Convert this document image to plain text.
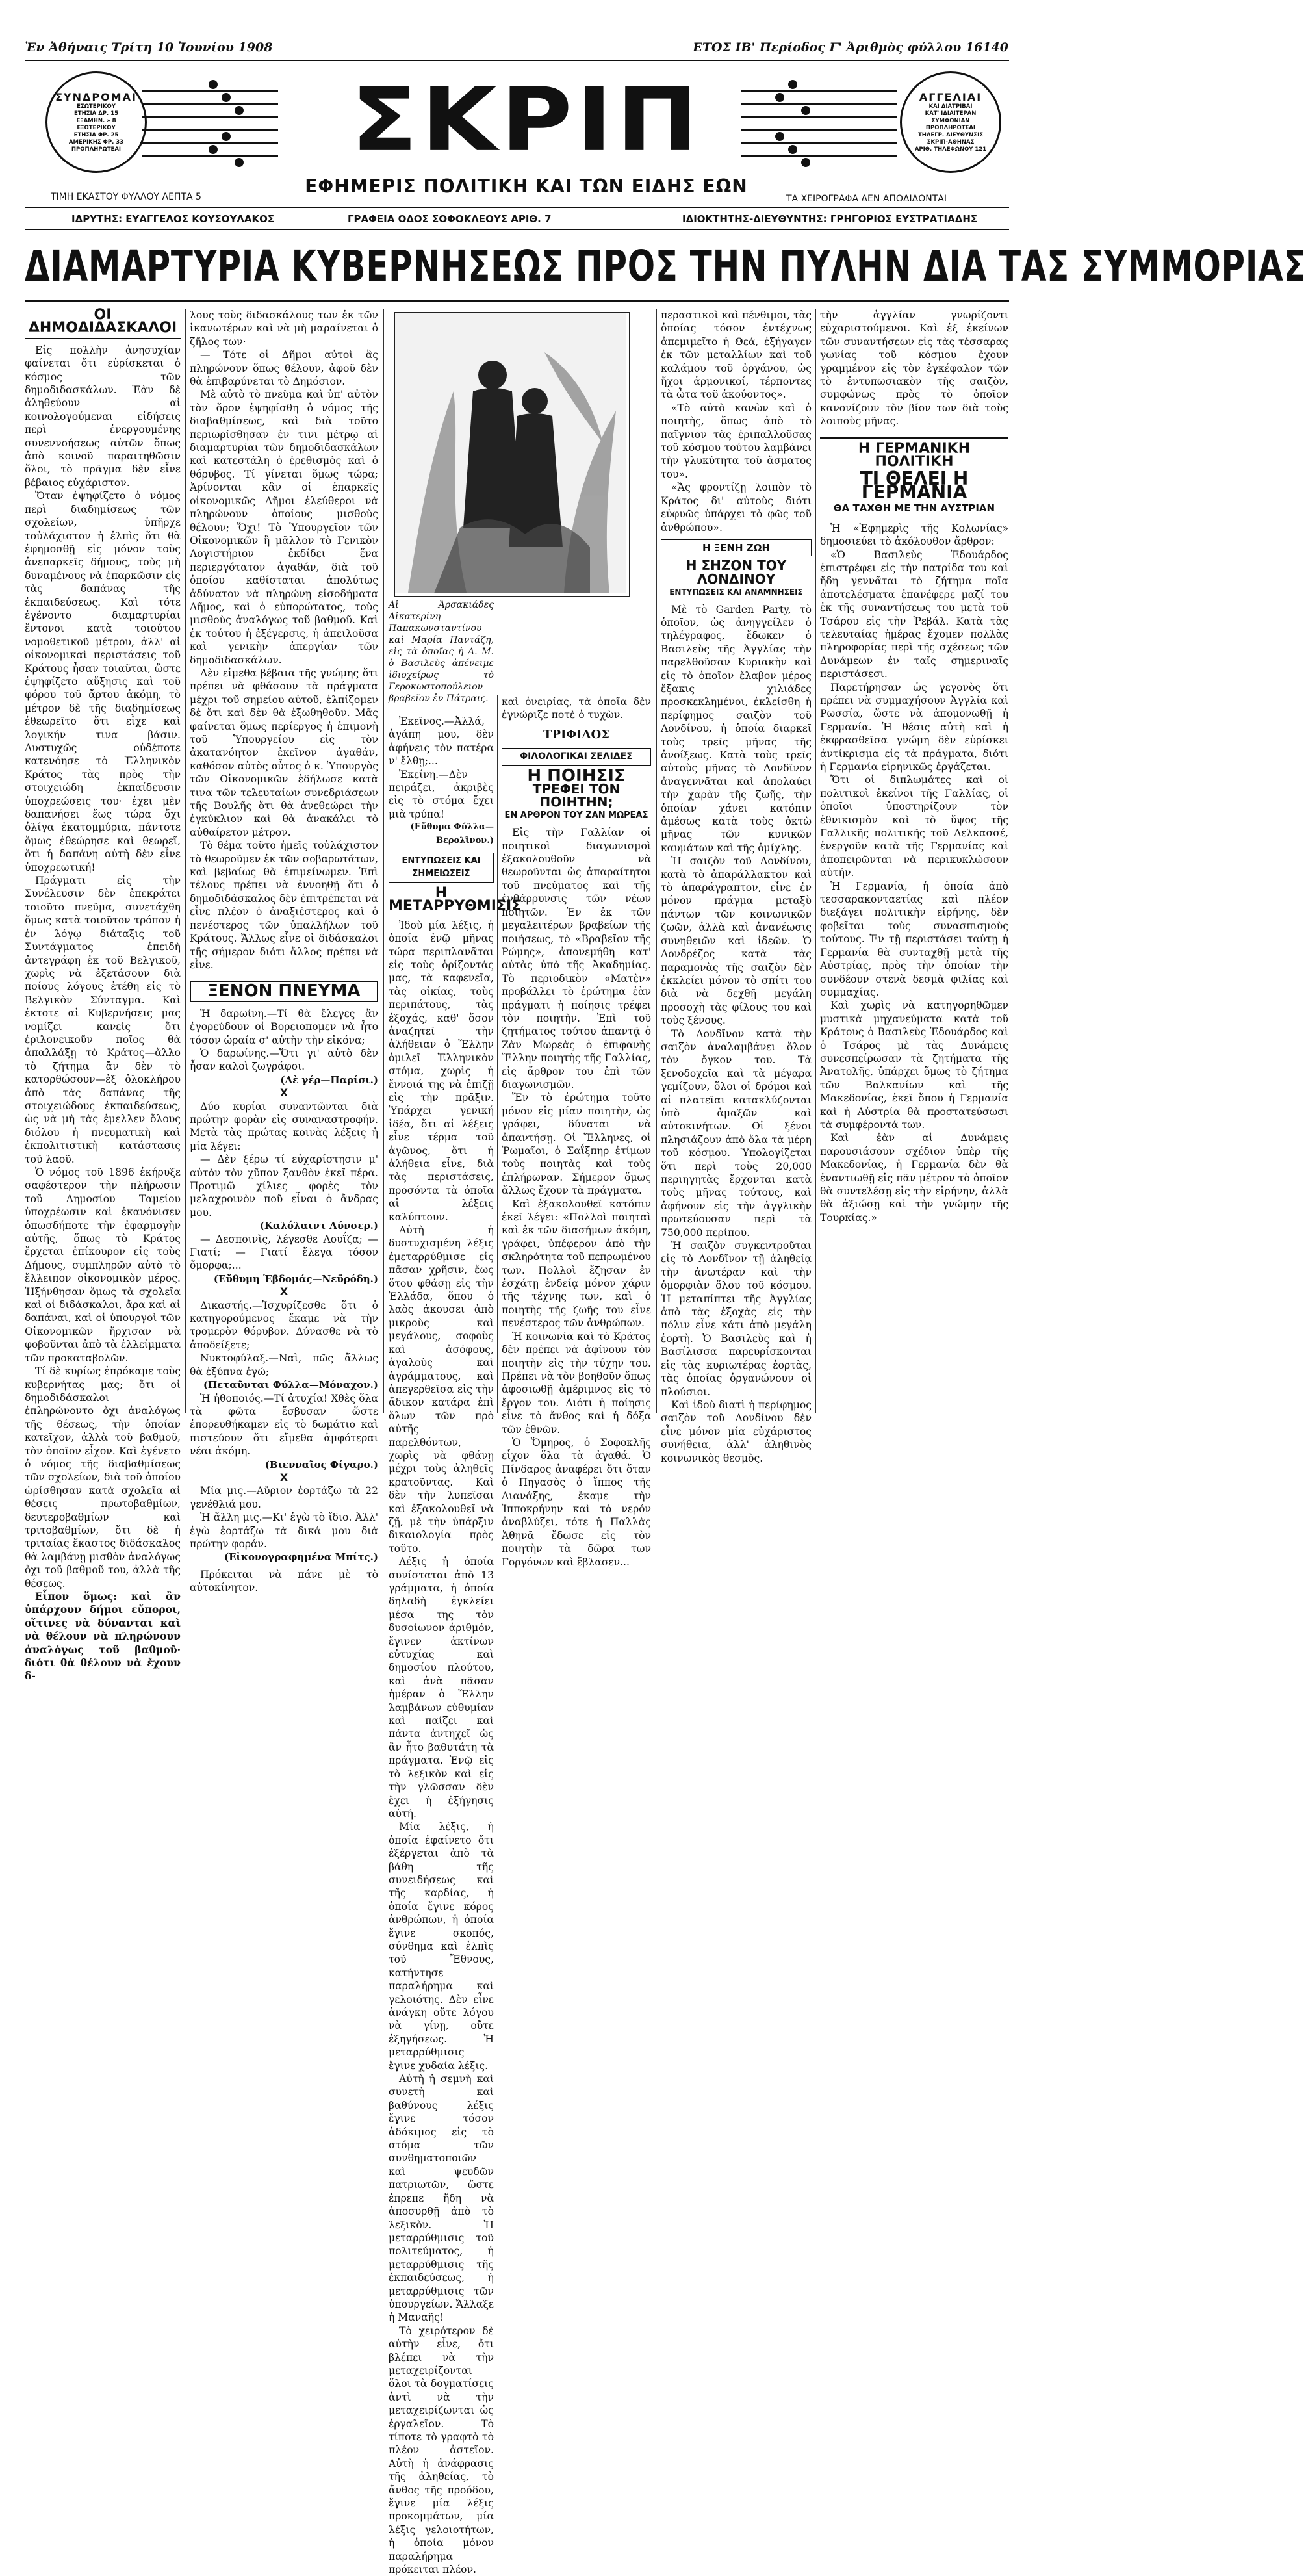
Ἐν Ἀθήναις Τρίτη 10 Ἰουνίου 1908	ΕΤΟΣ ΙΒ' Περίοδος Γ' Ἀριθμὸς φύλλου 16140
ΣΥΝΔΡΟΜΑΙ
ΕΣΩΤΕΡΙΚΟΥ
ΕΤΗΣΙΑ ΔΡ. 15
ΕΞΑΜΗΝ. » 8
ΕΞΩΤΕΡΙΚΟΥ
ΕΤΗΣΙΑ ΦΡ. 25
ΑΜΕΡΙΚΗΣ ΦΡ. 33
ΠΡΟΠΛΗΡΩΤΕΑΙ
ΤΙΜΗ ΕΚΑΣΤΟΥ ΦΥΛΛΟΥ ΛΕΠΤΑ 5
ΑΓΓΕΛΙΑΙ
ΚΑΙ ΔΙΑΤΡΙΒΑΙ
ΚΑΤ' ΙΔΙΑΙΤΕΡΑΝ
ΣΥΜΦΩΝΙΑΝ
ΠΡΟΠΛΗΡΩΤΕΑΙ
ΤΗΛΕΓΡ. ΔΙΕΥΘΥΝΣΙΣ
ΣΚΡΙΠ-ΑΘΗΝΑΣ
ΑΡΙΘ. ΤΗΛΕΦΩΝΟΥ 121
ΤΑ ΧΕΙΡΟΓΡΑΦΑ ΔΕΝ ΑΠΟΔΙΔΟΝΤΑΙ
ΣΚΡΙΠ
ΕΦΗΜΕΡΙΣ ΠΟΛΙΤΙΚΗ ΚΑΙ ΤΩΝ ΕΙΔΗΣ ΕΩΝ
ΙΔΡΥΤΗΣ: ΕΥΑΓΓΕΛΟΣ ΚΟΥΣΟΥΛΑΚΟΣ	ΓΡΑΦΕΙΑ ΟΔΟΣ ΣΟΦΟΚΛΕΟΥΣ ΑΡΙΘ. 7	ΙΔΙΟΚΤΗΤΗΣ-ΔΙΕΥΘΥΝΤΗΣ: ΓΡΗΓΟΡΙΟΣ ΕΥΣΤΡΑΤΙΑΔΗΣ
ΔΙΑΜΑΡΤΥΡΙΑ ΚΥΒΕΡΝΗΣΕΩΣ ΠΡΟΣ ΤΗΝ ΠΥΛΗΝ ΔΙΑ ΤΑΣ ΣΥΜΜΟΡΙΑΣ
ΟΙ ΔΗΜΟΔΙΔΑΣΚΑΛΟΙ

Εἰς πολλὴν ἀνησυχίαν φαίνεται ὅτι εὑρίσκεται ὁ κόσμος τῶν δημοδιδασκάλων. Ἐὰν δὲ ἀληθεύουν αἱ κοινολογούμεναι εἰδήσεις περὶ ἐνεργουμένης συνεννοήσεως αὐτῶν ὅπως ἀπὸ κοινοῦ παραιτηθῶσιν ὅλοι, τὸ πρᾶγμα δὲν εἶνε βέβαιος εὐχάριστον.

Ὅταν ἐψηφίζετο ὁ νόμος περὶ διαδημίσεως τῶν σχολείων, ὑπῆρχε τοὐλάχιστον ἡ ἐλπὶς ὅτι θὰ ἐφημοσθῇ εἰς μόνον τοὺς ἀνεπαρκεῖς δήμους, τοὺς μὴ δυναμένους νὰ ἐπαρκῶσιν εἰς τὰς δαπάνας τῆς ἐκπαιδεύσεως. Καὶ τότε ἐγένοντο διαμαρτυρίαι ἔντονοι κατὰ τοιούτου νομοθετικοῦ μέτρου, ἀλλ' αἱ οἰκονομικαὶ περιστάσεις τοῦ Κράτους ἦσαν τοιαῦται, ὥστε ἐψηφίζετο αὔξησις καὶ τοῦ φόρου τοῦ ἄρτου ἀκόμη, τὸ μέτρον δὲ τῆς διαδημίσεως ἐθεωρεῖτο ὅτι εἶχε καὶ λογικήν τινα βάσιν. Δυστυχῶς οὐδέποτε κατενόησε τὸ Ἑλληνικὸν Κράτος τὰς πρὸς τὴν στοιχειώδη ἐκπαίδευσιν ὑποχρεώσεις του· ἐχει μὲν δαπανήσει ἕως τώρα ὄχι ὀλίγα ἑκατομμύρια, πάντοτε ὅμως ἐθεώρησε καὶ θεωρεῖ, ὅτι ἡ δαπάνη αὐτὴ δὲν εἶνε ὑποχρεωτική!

Πράγματι εἰς τὴν Συνέλευσιν δὲν ἐπεκράτει τοιοῦτο πνεῦμα, συνετάχθη ὅμως κατὰ τοιοῦτον τρόπον ἡ ἐν λόγῳ διάταξις τοῦ Συντάγματος ἐπειδὴ ἀντεγράφη ἐκ τοῦ Βελγικοῦ, χωρὶς νὰ ἐξετάσουν διὰ ποίους λόγους ἐτέθη εἰς τὸ Βελγικὸν Σύνταγμα. Καὶ ἐκτοτε αἱ Κυβερνήσεις μας νομίζει κανεὶς ὅτι ἐριλονεικοῦν ποῖος θὰ ἀπαλλάξῃ τὸ Κράτος—ἄλλο τὸ ζήτημα ἂν δὲν τὸ κατορθώσουν—ἐξ ὁλοκλήρου ἀπὸ τὰς δαπάνας τῆς στοιχειώδους ἐκπαιδεύσεως, ὡς νὰ μὴ τὰς ἐμελλεν ὅλους διόλου ἡ πνευματικὴ καὶ ἐκπολιτιστικὴ κατάστασις τοῦ λαοῦ.

Ὁ νόμος τοῦ 1896 ἐκήρυξε σαφέστερον τὴν πλήρωσιν τοῦ Δημοσίου Ταμείου ὑποχρέωσιν καὶ ἐκανόνισεν ὁπωσδήποτε τὴν ἐφαρμογὴν αὐτῆς, ὅπως τὸ Κράτος ἔρχεται ἐπίκουρον εἰς τοὺς Δήμους, συμπληρῶν αὐτὸ τὸ ἔλλειπον οἰκονομικὸν μέρος. Ἠξήνθησαν ὅμως τὰ σχολεῖα καὶ οἱ διδάσκαλοι, ἄρα καὶ αἱ δαπάναι, καὶ οἱ ὑπουργοὶ τῶν Οἰκονομικῶν ἤρχισαν νὰ φοβοῦνται ἀπὸ τὰ ἐλλείμματα τῶν προκαταβολῶν.

Τί δὲ κυρίως ἐπρόκαμε τοὺς κυβερνήτας μας; ὅτι οἱ δημοδιδάσκαλοι ἐπληρώνοντο ὄχι ἀναλόγως τῆς θέσεως, τὴν ὁποίαν κατεῖχον, ἀλλὰ τοῦ βαθμοῦ, τὸν ὁποῖον εἶχον. Καὶ ἐγένετο ὁ νόμος τῆς διαβαθμίσεως τῶν σχολείων, διὰ τοῦ ὁποίου ὡρίσθησαν κατὰ σχολεῖα αἱ θέσεις πρωτοβαθμίων, δευτεροβαθμίων καὶ τριτοβαθμίων, ὅτι δὲ ἡ τριταίας ἕκαστος διδάσκαλος θὰ λαμβάνῃ μισθὸν ἀναλόγως ὄχι τοῦ βαθμοῦ του, ἀλλὰ τῆς θέσεως.

Εἶπον ὅμως: καὶ ἂν ὑπάρχουν δήμοι εὔποροι, οἵτινες νὰ δύνανται καὶ νὰ θέλουν νὰ πληρώνουν ἀναλόγως τοῦ βαθμοῦ· διότι θὰ θέλουν νὰ ἔχουν δ-

λους τοὺς διδασκάλους των ἐκ τῶν ἱκανωτέρων καὶ νὰ μὴ μαραίνεται ὁ ζῆλος των·

— Τότε οἱ Δῆμοι αὐτοὶ ἂς πληρώνουν ὅπως θέλουν, ἀφοῦ δὲν θὰ ἐπιβαρύνεται τὸ Δημόσιον.

Μὲ αὐτὸ τὸ πνεῦμα καὶ ὑπ' αὐτὸν τὸν ὅρον ἐψηφίσθη ὁ νόμος τῆς διαβαθμίσεως, καὶ διὰ τοῦτο περιωρίσθησαν ἐν τινι μέτρῳ αἱ διαμαρτυρίαι τῶν δημοδιδασκάλων καὶ κατεστάλη ὁ ἐρεθισμὸς καὶ ὁ θόρυβος. Τί γίνεται ὅμως τώρα; Ἀρίνονται κἂν οἱ ἐπαρκεῖς οἰκονομικῶς Δῆμοι ἐλεύθεροι νὰ πληρώνουν ὁποίους μισθοὺς θέλουν; Ὄχι! Τὸ Ὑπουργεῖον τῶν Οἰκονομικῶν ἢ μᾶλλον τὸ Γενικὸν Λογιστήριον ἐκδίδει ἕνα περιεργότατον ἀγαθάν, διὰ τοῦ ὁποίου καθίσταται ἀπολύτως ἀδύνατον νὰ πληρώνῃ εἰσοδήματα Δῆμος, καὶ ὁ εὐπορώτατος, τοὺς μισθοὺς ἀναλόγως τοῦ βαθμοῦ. Καὶ ἐκ τούτου ἡ ἐξέγερσις, ἡ ἀπειλοῦσα καὶ γενικὴν ἀπεργίαν τῶν δημοδιδασκάλων.

Δὲν εἰμεθα βέβαια τῆς γνώμης ὅτι πρέπει νὰ φθάσουν τὰ πράγματα μέχρι τοῦ σημείου αὐτοῦ, ἐλπίζομεν δὲ ὅτι καὶ δὲν θὰ ἐξωθηθοῦν. Μᾶς φαίνεται ὅμως περίεργος ἡ ἐπιμονὴ τοῦ Ὑπουργείου εἰς τὸν ἀκατανόητον ἐκεῖνον ἀγαθάν, καθόσον αὐτὸς οὗτος ὁ κ. Ὑπουργὸς τῶν Οἰκονομικῶν ἐδήλωσε κατὰ τινα τῶν τελευταίων συνεδριάσεων τῆς Βουλῆς ὅτι θὰ ἀνεθεώρει τὴν ἐγκύκλιον καὶ θὰ ἀνακάλει τὸ αὐθαίρετον μέτρον.

Τὸ θέμα τοῦτο ἡμεῖς τοὐλάχιστον τὸ θεωροῦμεν ἐκ τῶν σοβαρωτάτων, καὶ βεβαίως θὰ ἐπιμείνωμεν. Ἐπὶ τέλους πρέπει νὰ ἐννοηθῇ ὅτι ὁ δημοδιδάσκαλος δὲν ἐπιτρέπεται νὰ εἶνε πλέον ὁ ἀναξιέστερος καὶ ὁ πενέστερος τῶν ὑπαλλήλων τοῦ Κράτους. Ἄλλως εἶνε οἱ διδάσκαλοι τῆς σήμερον διότι ἄλλος πρέπει νὰ εἶνε.

ΞΕΝΟΝ ΠΝΕΥΜΑ

Ἡ δαρωίνη.—Τί θὰ ἔλεγες ἂν ἐγορεύδουν οἱ Βορειοπομεν νὰ ἦτο τόσον ὡραία σ' αὐτὴν τὴν εἰκόνα;

Ὁ δαρωίνης.—Ὅτι γι' αὐτὸ δὲν ἦσαν καλοὶ ζωγράφοι.

(Δὲ γέρ—Παρίσι.)
X

Δύο κυρίαι συναντῶνται διὰ πρώτην φορὰν εἰς συναναστροφήν. Μετὰ τὰς πρώτας κοινὰς λέξεις ἡ μία λέγει:

— Δὲν ξέρω τί εὐχαρίστησιν μ' αὐτὸν τὸν χῦπον ξανθὸν ἐκεῖ πέρα. Προτιμῶ χίλιες φορὲς τὸν μελαχροινὸν ποῦ εἶναι ὁ ἄνδρας μου.

(Καλόλαιντ Λύνσερ.)

— Δεσποινὶς, λέγεσθε Λουΐζα; — Γιατί; — Γιατί ἔλεγα τόσον ὄμορφα;...

(Εὔθυμη Ἑβδομάς—Νεϋρόδη.)
X

Δικαστής.—Ἰσχυρίζεσθε ὅτι ὁ κατηγορούμενος ἔκαμε νὰ τὴν τρομερὸν θόρυβον. Δύνασθε νὰ τὸ ἀποδείξετε;

Νυκτοφύλαξ.—Ναὶ, πῶς ἄλλως θὰ ἐξύπνα ἐγώ;

(Πεταῦνται Φύλλα—Μόναχον.)

Ἡ ἡθοποιός.—Τί ἀτυχία! Χθὲς ὅλα τὰ φῶτα ἔσβυσαν ὥστε ἐπορευθήκαμεν εἰς τὸ δωμάτιο καὶ πιστεύουν ὅτι εἴμεθα ἀμφότεραι νέαι ἀκόμη.

(Βιενναῖος Φίγαρο.)
X

Μία μις.—Αὔριον ἑορτάζω τὰ 22 γενέθλιά μου.

Ἡ ἄλλη μις.—Κι' ἐγὼ τὸ ἴδιο. Ἀλλ' ἐγὼ ἑορτάζω τὰ δικά μου διὰ πρώτην φοράν.

(Εἰκονογραφημένα Μπίτς.)

Πρόκειται νὰ πάνε μὲ τὸ αὐτοκίνητον.

Αἱ Ἀρσακιάδες Αἰκατερίνη Παπακωνσταντίνου καὶ Μαρία Παντάζη, εἰς τὰ ὁποῖας ἡ Α. Μ. ὁ Βασιλεὺς ἀπένειμε ἰδιοχείρως τὸ Γεροκωστοπούλειον βραβεῖον ἐν Πάτραις.

Ἐκεῖνος.—Ἀλλά, ἀγάπη μου, δὲν ἀφήνεις τὸν πατέρα ν' ἔλθῃ;...

Ἐκείνη.—Δὲν πειράζει, ἀκριβὲς εἰς τὸ στόμα ἔχει μιὰ τρύπα!

(Εὔθυμα Φύλλα—Βερολῖνον.)
ΕΝΤΥΠΩΣΕΙΣ ΚΑΙ ΣΗΜΕΙΩΣΕΙΣ
Η ΜΕΤΑΡΡΥΘΜΙΣΙΣ

Ἰδοὺ μία λέξις, ἡ ὁποία ἐνῷ μῆνας τώρα περιπλανᾶται εἰς τοὺς ὁρίζοντάς μας, τὰ καφενεῖα, τὰς οἰκίας, τοὺς περιπάτους, τὰς ἐξοχάς, καθ' ὅσον ἀναζητεῖ τὴν ἀλήθειαν ὁ Ἕλλην ὁμιλεῖ Ἑλληνικὸν στόμα, χωρὶς ἡ ἔννοιά της νὰ ἐπιζῇ εἰς τὴν πρᾶξιν. Ὑπάρχει γενική ἰδέα, ὅτι αἱ λέξεις εἶνε τέρμα τοῦ ἀγῶνος, ὅτι ἡ ἀλήθεια εἶνε, διὰ τὰς περιστάσεις, προσόντα τὰ ὁποῖα αἱ λέξεις καλύπτουν.

Αὐτὴ ἡ δυστυχισμένη λέξις ἐμεταρρύθμισε εἰς πᾶσαν χρῆσιν, ἕως ὅτου φθάσῃ εἰς τὴν Ἑλλάδα, ὅπου ὁ λαὸς ἀκουσει ἀπὸ μικροὺς καὶ μεγάλους, σοφοὺς καὶ ἀσόφους, ἀγαλοὺς καὶ ἀγράμματους, καὶ ἀπεγερθεῖσα εἰς τὴν ἄδικον κατάρα ἐπὶ ὅλων τῶν πρὸ αὐτῆς παρελθόντων, χωρὶς νὰ φθάνῃ μέχρι τοὺς ἀληθεῖς κρατοῦντας. Καὶ δὲν τὴν λυπεῖσαι καὶ ἐξακολουθεῖ νὰ ζῇ, μὲ τὴν ὑπάρξιν δικαιολογία πρὸς τοῦτο.

Λέξις ἡ ὁποία συνίσταται ἀπὸ 13 γράμματα, ἡ ὁποία δηλαδὴ ἐγκλείει μέσα της τὸν δυσοίωνον ἀριθμόν, ἔγινεν ἀκτίνων εὐτυχίας καὶ δημοσίου πλούτου, καὶ ἀνὰ πᾶσαν ἡμέραν ὁ Ἕλλην λαμβάνων εὐθυμίαν καὶ παίζει καὶ πάντα ἀντηχεῖ ὡς ἂν ἦτο βαθυτάτη τὰ πράγματα. Ἐνῷ εἰς τὸ λεξικὸν καὶ εἰς τὴν γλῶσσαν δὲν ἔχει ἡ ἐξήγησις αὐτή.

Μία λέξις, ἡ ὁποία ἐφαίνετο ὅτι ἐξέργεται ἀπὸ τὰ βάθη τῆς συνειδήσεως καὶ τῆς καρδίας, ἡ ὁποία ἔγινε κόρος ἀνθρώπων, ἡ ὁποία ἔγινε σκοπός, σύνθημα καὶ ἐλπὶς τοῦ Ἔθνους, κατήντησε παραλήρημα καὶ γελοιότης. Δὲν εἶνε ἀνάγκη οὔτε λόγου νὰ γίνῃ, οὔτε ἐξηγήσεως. Ἡ μεταρρύθμισις ἔγινε χυδαία λέξις.

Αὐτὴ ἡ σεμνὴ καὶ συνετὴ καὶ βαθύνους λέξις ἔγινε τόσον ἀδόκιμος εἰς τὸ στόμα τῶν συνθηματοποιῶν καὶ ψευδῶν πατριωτῶν, ὥστε ἐπρεπε ἤδη νὰ ἀποσυρθῇ ἀπὸ τὸ λεξικὸν. Ἡ μεταρρύθμισις τοῦ πολιτεύματος, ἡ μεταρρύθμισις τῆς ἐκπαιδεύσεως, ἡ μεταρρύθμισις τῶν ὑπουργείων. Ἄλλαξε ἡ Μαναῆς!

Τὸ χειρότερον δὲ αὐτὴν εἶνε, ὅτι βλέπει νὰ τὴν μεταχειρίζονται ὅλοι τὰ δογματίσεις ἀντὶ νὰ τὴν μεταχειρίζωνται ὡς ἐργαλεῖον. Τὸ τίποτε τὸ γραφτὸ τὸ πλέον ἀστεῖον. Αὐτὴ ἡ ἀνάφρασις τῆς ἀληθείας, τὸ ἄνθος τῆς προόδου, ἔγινε μία λέξις προκομμάτων, μία λέξις γελοιοτήτων, ἡ ὁποία μόνον παραλήρημα πρόκειται πλέον.

καὶ ὀνειρίας, τὰ ὁποῖα δὲν ἐγνώριζε ποτὲ ὁ τυχὼν.

ΤΡΙΦΙΛΟΣ
ΦΙΛΟΛΟΓΙΚΑΙ ΣΕΛΙΔΕΣ
Η ΠΟΙΗΣΙΣ
ΤΡΕΦΕΙ ΤΟΝ ΠΟΙΗΤΗΝ;
ΕΝ ΑΡΘΡΟΝ ΤΟΥ ΖΑΝ ΜΩΡΕΑΣ

Εἰς τὴν Γαλλίαν οἱ ποιητικοὶ διαγωνισμοὶ ἐξακολουθοῦν νὰ θεωροῦνται ὡς ἀπαραίτητοι τοῦ πνεύματος καὶ τῆς ἐνθάρρυνσις τῶν νέων ποιητῶν. Ἐν ἐκ τῶν μεγαλειτέρων βραβείων τῆς ποιήσεως, τὸ «Βραβεῖον τῆς Ρώμης», ἀπονεμήθη κατ' αὐτὰς ὑπὸ τῆς Ἀκαδημίας. Τὸ περιοδικὸν «Ματὲν» προβάλλει τὸ ἐρώτημα ἐὰν πράγματι ἡ ποίησις τρέφει τὸν ποιητὴν. Ἐπὶ τοῦ ζητήματος τούτου ἀπαντᾷ ὁ Ζὰν Μωρεὰς ὁ ἐπιφανὴς Ἕλλην ποιητὴς τῆς Γαλλίας, εἰς ἄρθρον του ἐπὶ τῶν διαγωνισμῶν.

Ἔν τὸ ἐρώτημα τοῦτο μόνον εἰς μίαν ποιητὴν, ὡς γράφει, δύναται νὰ ἀπαντήσῃ. Οἱ Ἕλληνες, οἱ Ῥωμαῖοι, ὁ Σαΐξπηρ ἐτίμων τοὺς ποιητὰς καὶ τοὺς ἐπλήρωναν. Σήμερον ὅμως ἄλλως ἔχουν τὰ πράγματα.

Καὶ ἐξακολουθεῖ κατόπιν ἐκεῖ λέγει: «Πολλοὶ ποιηταὶ καὶ ἐκ τῶν διασήμων ἀκόμη, γράφει, ὑπέφερον ἀπὸ τὴν σκληρότητα τοῦ πεπρωμένου των. Πολλοὶ ἔζησαν ἐν ἐσχάτῃ ἐνδείᾳ μόνον χάριν τῆς τέχνης των, καὶ ὁ ποιητὴς τῆς ζωῆς του εἶνε πενέστερος τῶν ἀνθρώπων.

Ἡ κοινωνία καὶ τὸ Κράτος δὲν πρέπει νὰ ἀφίνουν τὸν ποιητὴν εἰς τὴν τύχην του. Πρέπει νὰ τὸν βοηθοῦν ὅπως ἀφοσιωθῇ ἀμέριμνος εἰς τὸ ἔργον του. Διότι ἡ ποίησις εἶνε τὸ ἄνθος καὶ ἡ δόξα τῶν ἐθνῶν.

Ὁ Ὅμηρος, ὁ Σοφοκλῆς εἶχον ὅλα τὰ ἀγαθά. Ὁ Πίνδαρος ἀναφέρει ὅτι ὅταν ὁ Πηγασὸς ὁ ἵππος τῆς Διανάξης, ἔκαμε τὴν Ἱπποκρήνην καὶ τὸ νερόν ἀναβλύζει, τότε ἡ Παλλὰς Ἀθηνᾶ ἔδωσε εἰς τὸν ποιητὴν τὰ δῶρα των Γοργόνων καὶ ἔβλασεν...

περαστικοὶ καὶ πένθιμοι, τὰς ὁποίας τόσον ἐντέχνως ἀπεμιμεῖτο ἡ Θεά, ἐξήγαγεν ἐκ τῶν μεταλλίων καὶ τοῦ καλάμου τοῦ ὀργάνου, ὡς ἤχοι ἁρμονικοί, τέρποντες τὰ ὦτα τοῦ ἀκούοντος».

«Τὸ αὐτὸ κανὼν καὶ ὁ ποιητὴς, ὅπως ἀπὸ τὸ παῖγνιον τὰς ἐριπαλλοῦσας τοῦ κόσμου τούτου λαμβάνει τὴν γλυκύτητα τοῦ ἄσματος του».

«Ἄς φροντίζῃ λοιπὸν τὸ Κράτος δι' αὐτοὺς διότι εὐφυῶς ὑπάρχει τὸ φῶς τοῦ ἀνθρώπου».

Η ΞΕΝΗ ΖΩΗ
Η ΣΗΖΟΝ ΤΟΥ ΛΟΝΔΙΝΟΥ
ΕΝΤΥΠΩΣΕΙΣ ΚΑΙ ΑΝΑΜΝΗΣΕΙΣ

Μὲ τὸ Garden Party, τὸ ὁποῖον, ὡς ἀνηγγείλεν ὁ τηλέγραφος, ἔδωκεν ὁ Βασιλεὺς τῆς Ἀγγλίας τὴν παρελθοῦσαν Κυριακὴν καὶ εἰς τὸ ὁποῖον ἔλαβον μέρος ἕξακις χιλιάδες προσκεκλημένοι, ἐκλείσθη ἡ περίφημος σαιζὸν τοῦ Λονδίνου, ἡ ὁποία διαρκεῖ τοὺς τρεῖς μῆνας τῆς ἀνοίξεως. Κατὰ τοὺς τρεῖς αὐτοὺς μῆνας τὸ Λονδῖνον ἀναγεννᾶται καὶ ἀπολαύει τὴν χαρὰν τῆς ζωῆς, τὴν ὁποίαν χάνει κατόπιν ἀμέσως κατὰ τοὺς ὀκτὼ μῆνας τῶν κυνικῶν καυμάτων καὶ τῆς ὀμίχλης.

Ἡ σαιζὸν τοῦ Λονδίνου, κατὰ τὸ ἀπαράλλακτον καὶ τὸ ἀπαράγραπτον, εἶνε ἐν μόνον πράγμα μεταξὺ πάντων τῶν κοινωνικῶν ζωῶν, ἀλλὰ καὶ ἀνανέωσις συνηθειῶν καὶ ἰδεῶν. Ὁ Λονδρέζος κατὰ τὰς παραμονὰς τῆς σαιζὸν δὲν ἐκκλείει μόνον τὸ σπίτι του διὰ νὰ δεχθῇ μεγάλη προσοχὴ τὰς φίλους του καὶ τοὺς ξένους.

Τὸ Λονδῖνον κατὰ τὴν σαιζὸν ἀναλαμβάνει ὅλον τὸν ὄγκον του. Τὰ ξενοδοχεῖα καὶ τὰ μέγαρα γεμίζουν, ὅλοι οἱ δρόμοι καὶ αἱ πλατεῖαι κατακλύζονται ὑπὸ ἁμαξῶν καὶ αὐτοκινήτων. Οἱ ξένοι πλησιάζουν ἀπὸ ὅλα τὰ μέρη τοῦ κόσμου. Ὑπολογίζεται ὅτι περὶ τοὺς 20,000 περιηγητὰς ἔρχονται κατὰ τοὺς μῆνας τούτους, καὶ ἀφήνουν εἰς τὴν ἀγγλικὴν πρωτεύουσαν περὶ τὰ 750,000 περίπου.

Ἡ σαιζὸν συγκεντροῦται εἰς τὸ Λονδῖνον τῇ ἀληθείᾳ τὴν ἀνωτέραν καὶ τὴν ὁμορφιὰν ὅλου τοῦ κόσμου. Ἡ μεταπίπτει τῆς Ἀγγλίας ἀπὸ τὰς ἐξοχὰς εἰς τὴν πόλιν εἶνε κάτι ἀπὸ μεγάλη ἑορτὴ. Ὁ Βασιλεὺς καὶ ἡ Βασίλισσα παρευρίσκονται εἰς τὰς κυριωτέρας ἑορτὰς, τὰς ὁποίας ὀργανώνουν οἱ πλούσιοι.

Καὶ ἰδοὺ διατὶ ἡ περίφημος σαιζὸν τοῦ Λονδίνου δὲν εἶνε μόνον μία εὐχάριστος συνήθεια, ἀλλ' ἀληθινὸς κοινωνικὸς θεσμὸς.

τὴν ἀγγλίαν γνωρίζοντι εὐχαριστούμενοι. Καὶ ἐξ ἐκείνων τῶν συναντήσεων εἰς τὰς τέσσαρας γωνίας τοῦ κόσμου ἔχουν γραμμένον εἰς τὸν ἐγκέφαλον τῶν τὸ ἐντυπωσιακὸν τῆς σαιζὸν, συμφώνως πρὸς τὸ ὁποῖον κανονίζουν τὸν βίον των διὰ τοὺς λοιποὺς μῆνας.

Η ΓΕΡΜΑΝΙΚΗ ΠΟΛΙΤΙΚΗ
ΤΙ ΘΕΛΕΙ Η ΓΕΡΜΑΝΙΑ
ΘΑ ΤΑΧΘΗ ΜΕ ΤΗΝ ΑΥΣΤΡΙΑΝ

Ἡ «Ἐφημερὶς τῆς Κολωνίας» δημοσιεύει τὸ ἀκόλουθον ἄρθρον:

«Ὁ Βασιλεὺς Ἐδουάρδος ἐπιστρέφει εἰς τὴν πατρίδα του καὶ ἤδη γεννᾶται τὸ ζήτημα ποῖα ἀποτελέσματα ἐπανέφερε μαζί του ἐκ τῆς συναντήσεως του μετὰ τοῦ Τσάρου εἰς τὴν Ῥεβάλ. Κατὰ τὰς τελευταίας ἡμέρας ἔχομεν πολλὰς πληροφορίας περὶ τῆς σχέσεως τῶν Δυνάμεων ἐν ταῖς σημεριναῖς περιστάσεσι.

Παρετήρησαν ὡς γεγονὸς ὅτι πρέπει νὰ συμμαχήσουν Ἀγγλία καὶ Ρωσσία, ὥστε νὰ ἀπομονωθῇ ἡ Γερμανία. Ἡ θέσις αὐτὴ καὶ ἡ ἐκφρασθεῖσα γνώμη δὲν εὑρίσκει ἀντίκρισμα εἰς τὰ πράγματα, διότι ἡ Γερμανία εἰρηνικῶς ἐργάζεται.

Ὅτι οἱ διπλωμάτες καὶ οἱ πολιτικοὶ ἐκείνοι τῆς Γαλλίας, οἱ ὁποῖοι ὑποστηρίζουν τὸν ἐθνικισμὸν καὶ τὸ ὕψος τῆς Γαλλικῆς πολιτικῆς τοῦ Δελκασσέ, ἐνεργοῦν κατὰ τῆς Γερμανίας καὶ ἀποπειρῶνται νὰ περικυκλώσουν αὐτήν.

Ἡ Γερμανία, ἡ ὁποία ἀπὸ τεσσαρακονταετίας καὶ πλέον διεξάγει πολιτικὴν εἰρήνης, δὲν φοβεῖται τοὺς συνασπισμοὺς τούτους. Ἐν τῇ περιστάσει ταύτῃ ἡ Γερμανία θὰ συνταχθῇ μετὰ τῆς Αὐστρίας, πρὸς τὴν ὁποίαν τὴν συνδέουν στενὰ δεσμὰ φιλίας καὶ συμμαχίας.

Καὶ χωρὶς νὰ κατηγορηθῶμεν μυστικὰ μηχανεύματα κατὰ τοῦ Κράτους ὁ Βασιλεὺς Ἐδουάρδος καὶ ὁ Τσάρος μὲ τὰς Δυνάμεις συνεσπείρωσαν τὰ ζητήματα τῆς Ἀνατολῆς, ὑπάρχει ὅμως τὸ ζήτημα τῶν Βαλκανίων καὶ τῆς Μακεδονίας, ἐκεῖ ὅπου ἡ Γερμανία καὶ ἡ Αὐστρία θὰ προστατεύσωσι τὰ συμφέροντά των.

Καὶ ἐὰν αἱ Δυνάμεις παρουσιάσουν σχέδιον ὑπὲρ τῆς Μακεδονίας, ἡ Γερμανία δὲν θὰ ἐναντιωθῇ εἰς πᾶν μέτρον τὸ ὁποῖον θὰ συντελέσῃ εἰς τὴν εἰρήνην, ἀλλὰ θὰ ἀξιώσῃ καὶ τὴν γνώμην τῆς Τουρκίας.»
